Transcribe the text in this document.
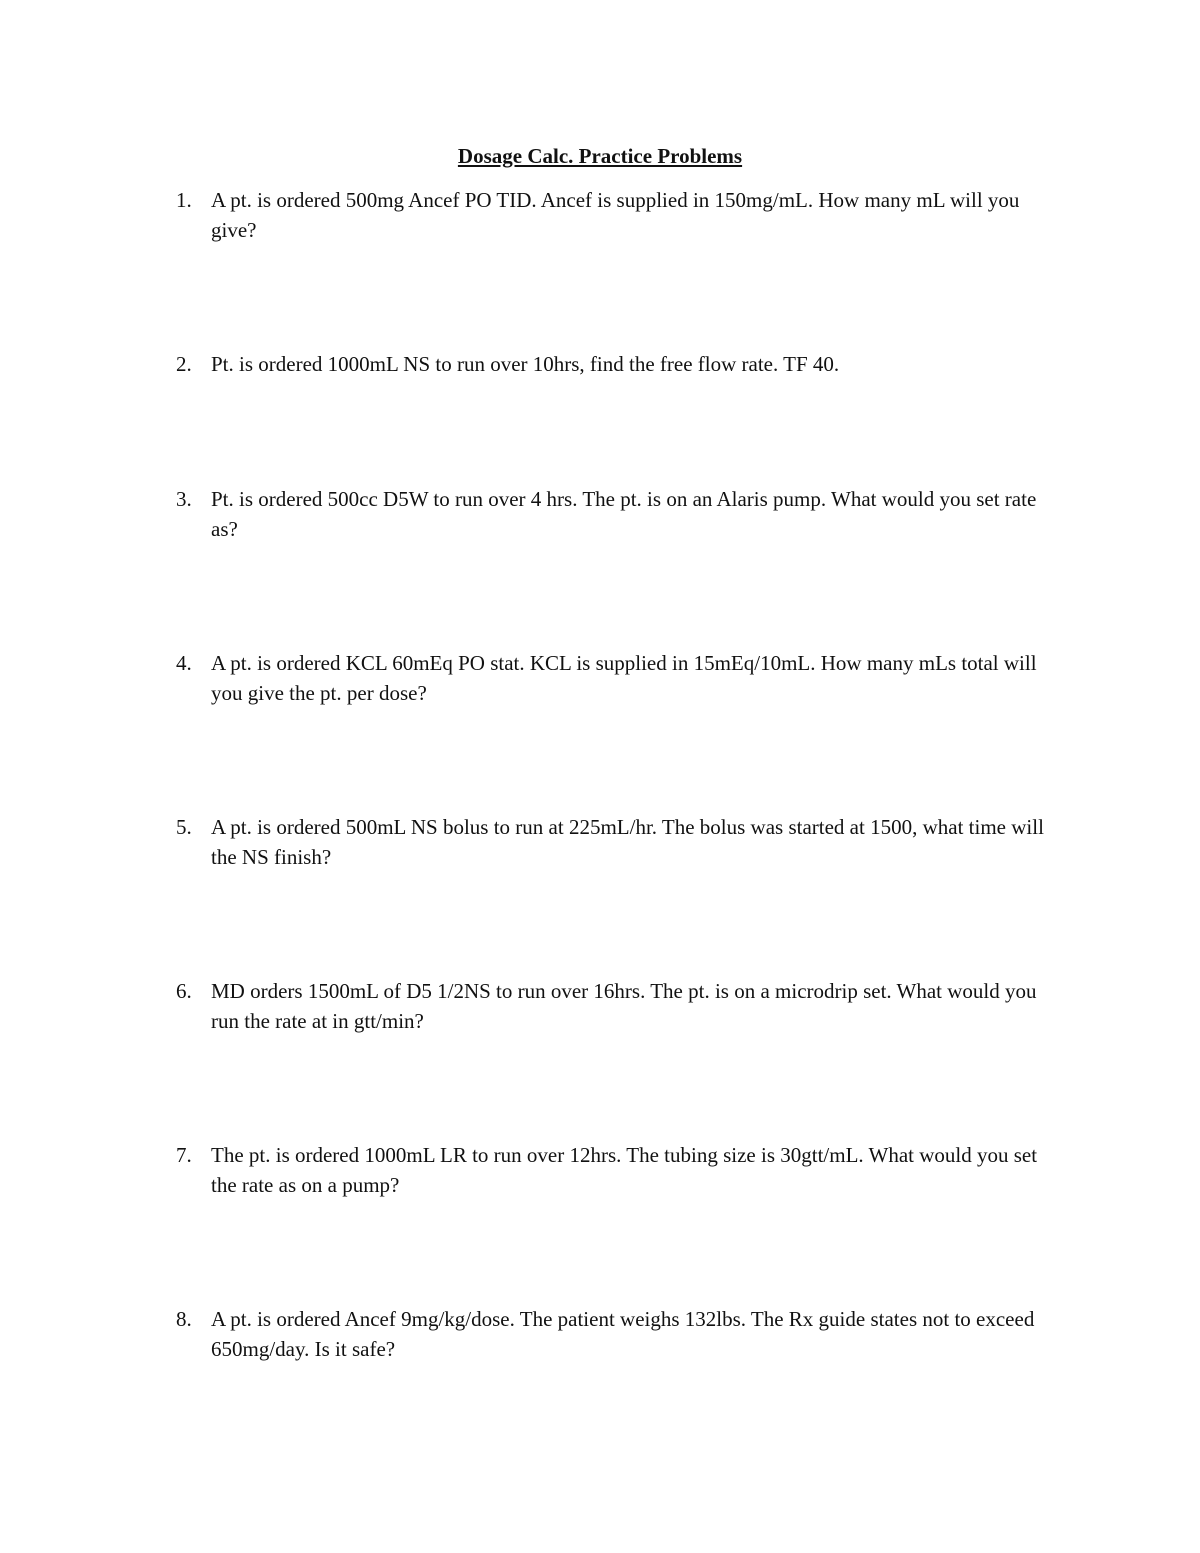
Dosage Calc. Practice Problems
1. A pt. is ordered 500mg Ancef PO TID. Ancef is supplied in 150mg/mL. How many mL will you give?
2. Pt. is ordered 1000mL NS to run over 10hrs, find the free flow rate. TF 40.
3. Pt. is ordered 500cc D5W to run over 4 hrs. The pt. is on an Alaris pump. What would you set rate as?
4. A pt. is ordered KCL 60mEq PO stat. KCL is supplied in 15mEq/10mL. How many mLs total will you give the pt. per dose?
5. A pt. is ordered 500mL NS bolus to run at 225mL/hr. The bolus was started at 1500, what time will the NS finish?
6. MD orders 1500mL of D5 1/2NS to run over 16hrs. The pt. is on a microdrip set. What would you run the rate at in gtt/min?
7. The pt. is ordered 1000mL LR to run over 12hrs. The tubing size is 30gtt/mL. What would you set the rate as on a pump?
8. A pt. is ordered Ancef 9mg/kg/dose. The patient weighs 132lbs. The Rx guide states not to exceed 650mg/day. Is it safe?
